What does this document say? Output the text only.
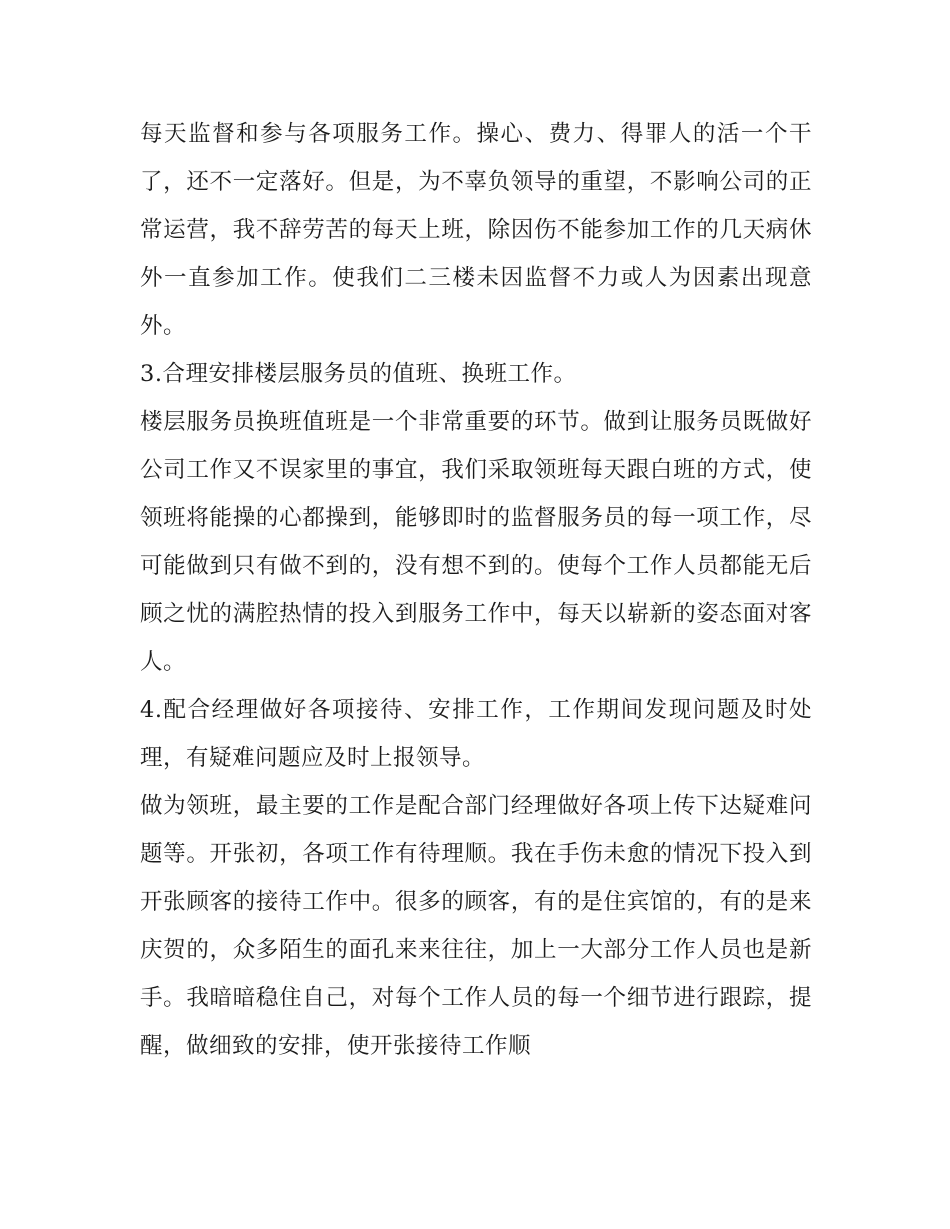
每天监督和参与各项服务工作。操心、费力、得罪人的活一个干了，还不一定落好。但是，为不辜负领导的重望，不影响公司的正常运营，我不辞劳苦的每天上班，除因伤不能参加工作的几天病休外一直参加工作。使我们二三楼未因监督不力或人为因素出现意外。

3.合理安排楼层服务员的值班、换班工作。

楼层服务员换班值班是一个非常重要的环节。做到让服务员既做好公司工作又不误家里的事宜，我们采取领班每天跟白班的方式，使领班将能操的心都操到，能够即时的监督服务员的每一项工作，尽可能做到只有做不到的，没有想不到的。使每个工作人员都能无后顾之忧的满腔热情的投入到服务工作中，每天以崭新的姿态面对客人。

4.配合经理做好各项接待、安排工作，工作期间发现问题及时处理，有疑难问题应及时上报领导。

做为领班，最主要的工作是配合部门经理做好各项上传下达疑难问题等。开张初，各项工作有待理顺。我在手伤未愈的情况下投入到开张顾客的接待工作中。很多的顾客，有的是住宾馆的，有的是来庆贺的，众多陌生的面孔来来往往，加上一大部分工作人员也是新手。我暗暗稳住自己，对每个工作人员的每一个细节进行跟踪，提醒，做细致的安排，使开张接待工作顺
